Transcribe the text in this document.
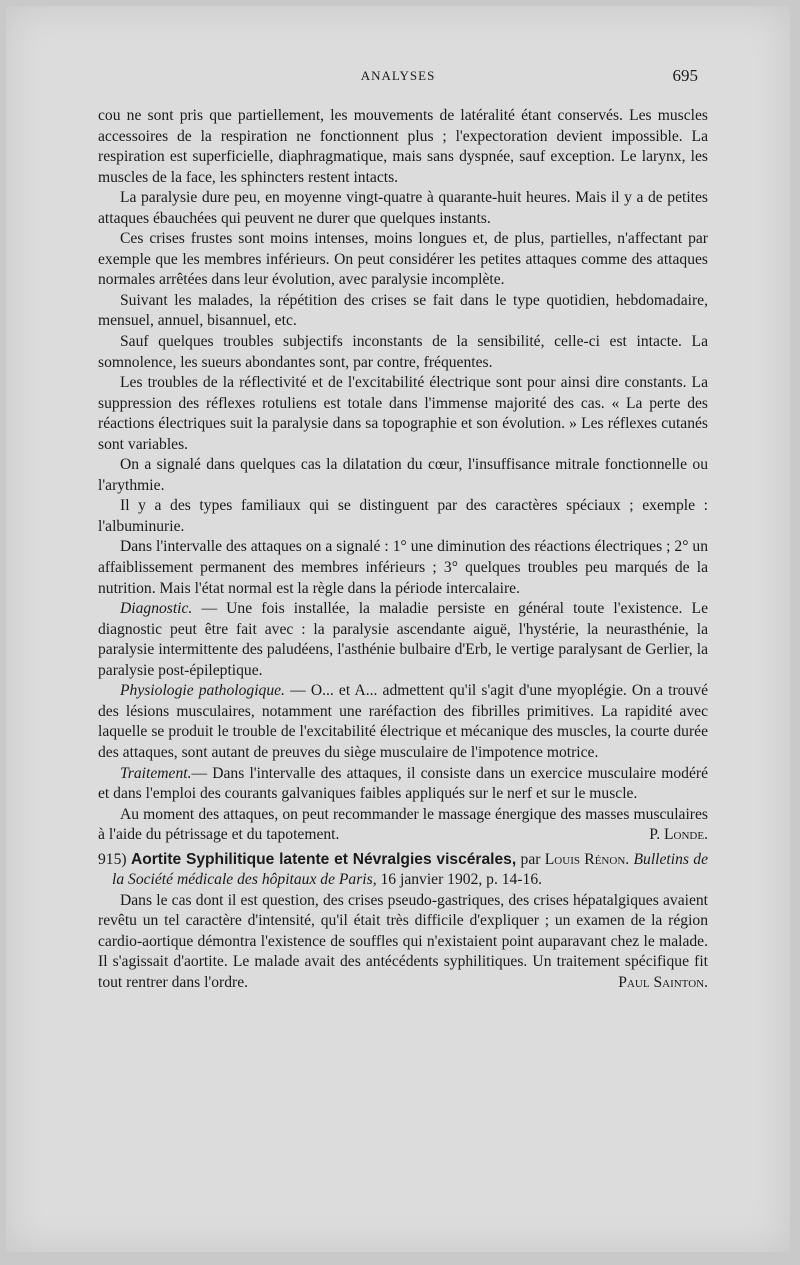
ANALYSES	695

cou ne sont pris que partiellement, les mouvements de latéralité étant conservés. Les muscles accessoires de la respiration ne fonctionnent plus ; l'expectoration devient impossible. La respiration est superficielle, diaphragmatique, mais sans dyspnée, sauf exception. Le larynx, les muscles de la face, les sphincters restent intacts.

La paralysie dure peu, en moyenne vingt-quatre à quarante-huit heures. Mais il y a de petites attaques ébauchées qui peuvent ne durer que quelques instants.

Ces crises frustes sont moins intenses, moins longues et, de plus, partielles, n'affectant par exemple que les membres inférieurs. On peut considérer les petites attaques comme des attaques normales arrêtées dans leur évolution, avec paralysie incomplète.

Suivant les malades, la répétition des crises se fait dans le type quotidien, hebdomadaire, mensuel, annuel, bisannuel, etc.

Sauf quelques troubles subjectifs inconstants de la sensibilité, celle-ci est intacte. La somnolence, les sueurs abondantes sont, par contre, fréquentes.

Les troubles de la réflectivité et de l'excitabilité électrique sont pour ainsi dire constants. La suppression des réflexes rotuliens est totale dans l'immense majorité des cas. « La perte des réactions électriques suit la paralysie dans sa topographie et son évolution. » Les réflexes cutanés sont variables.

On a signalé dans quelques cas la dilatation du cœur, l'insuffisance mitrale fonctionnelle ou l'arythmie.

Il y a des types familiaux qui se distinguent par des caractères spéciaux ; exemple : l'albuminurie.

Dans l'intervalle des attaques on a signalé : 1° une diminution des réactions électriques ; 2° un affaiblissement permanent des membres inférieurs ; 3° quelques troubles peu marqués de la nutrition. Mais l'état normal est la règle dans la période intercalaire.

Diagnostic. — Une fois installée, la maladie persiste en général toute l'existence. Le diagnostic peut être fait avec : la paralysie ascendante aiguë, l'hystérie, la neurasthénie, la paralysie intermittente des paludéens, l'asthénie bulbaire d'Erb, le vertige paralysant de Gerlier, la paralysie post-épileptique.

Physiologie pathologique. — O... et A... admettent qu'il s'agit d'une myoplégie. On a trouvé des lésions musculaires, notamment une raréfaction des fibrilles primitives. La rapidité avec laquelle se produit le trouble de l'excitabilité électrique et mécanique des muscles, la courte durée des attaques, sont autant de preuves du siège musculaire de l'impotence motrice.

Traitement.— Dans l'intervalle des attaques, il consiste dans un exercice musculaire modéré et dans l'emploi des courants galvaniques faibles appliqués sur le nerf et sur le muscle.

Au moment des attaques, on peut recommander le massage énergique des masses musculaires à l'aide du pétrissage et du tapotement.	P. Londe.

915) Aortite Syphilitique latente et Névralgies viscérales, par Louis Rénon. Bulletins de la Société médicale des hôpitaux de Paris, 16 janvier 1902, p. 14-16.

Dans le cas dont il est question, des crises pseudo-gastriques, des crises hépatalgiques avaient revêtu un tel caractère d'intensité, qu'il était très difficile d'expliquer ; un examen de la région cardio-aortique démontra l'existence de souffles qui n'existaient point auparavant chez le malade. Il s'agissait d'aortite. Le malade avait des antécédents syphilitiques. Un traitement spécifique fit tout rentrer dans l'ordre.	Paul Sainton.
